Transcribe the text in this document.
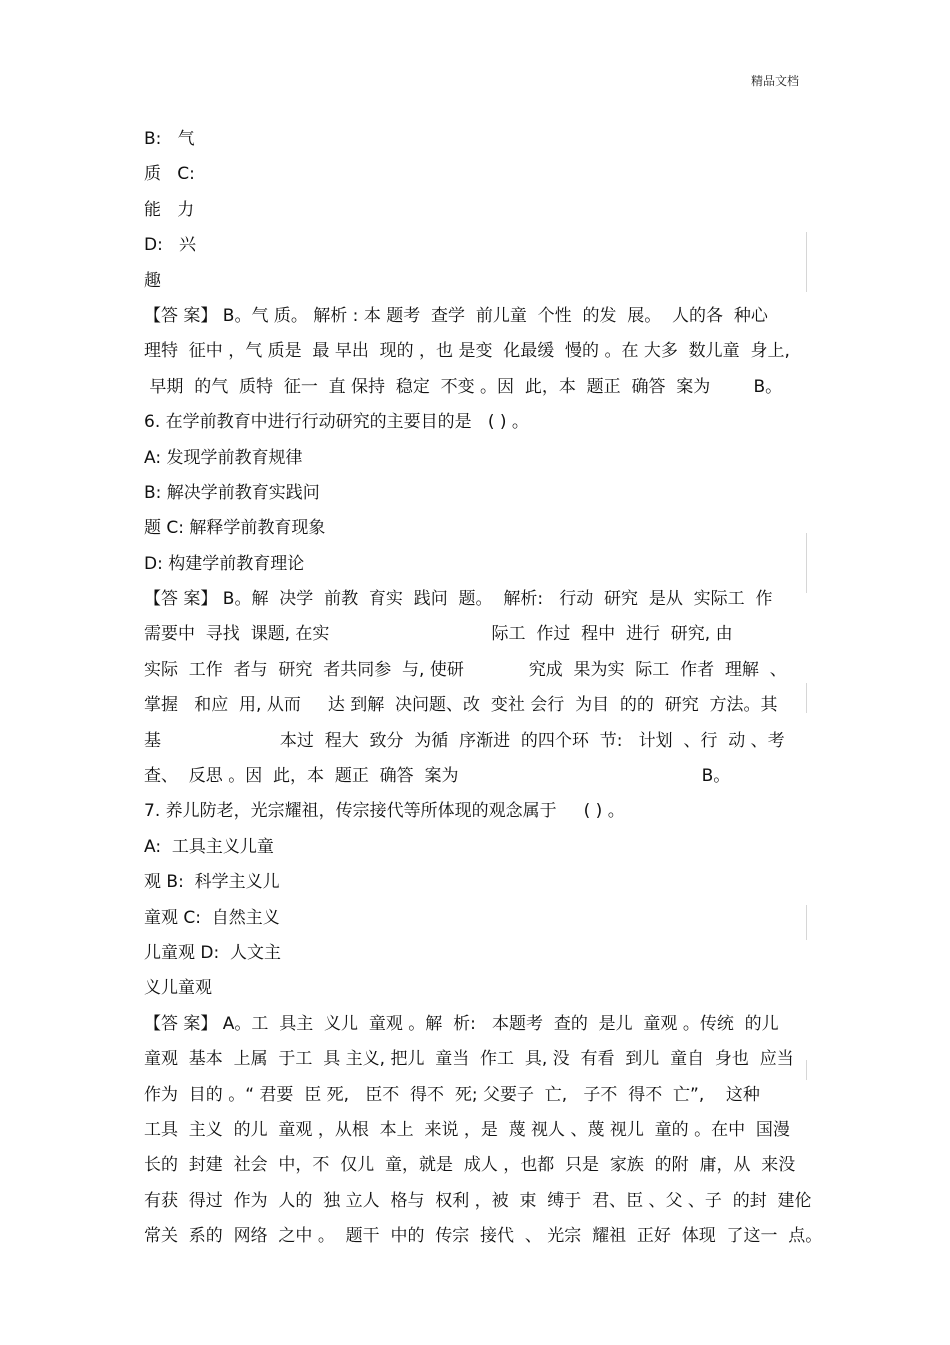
精品文档
B:   气
质   C:
能   力
D:   兴
趣
【答 案】 B。气 质。 解析 : 本 题考  查学  前儿童  个性  的发  展。  人的各  种心
理特  征中 ，气 质是  最 早出  现的 ，也 是变  化最缓  慢的 。在 大多  数儿童  身上,
早期  的气  质特  征一  直 保持  稳定  不变 。因  此，本  题正  确答  案为        B。
6. 在学前教育中进行行动研究的主要目的是   ( ) 。
A: 发现学前教育规律
B: 解决学前教育实践问
题 C: 解释学前教育现象
D: 构建学前教育理论
【答 案】 B。解  决学  前教  育实  践问  题。  解析:   行动  研究  是从  实际工  作
需要中  寻找  课题, 在实                              际工  作过  程中  进行  研究, 由
实际  工作  者与  研究  者共同参  与, 使研            究成  果为实  际工  作者  理解  、
掌握   和应  用, 从而     达 到解  决问题、改  变社 会行  为目  的的  研究  方法。其
基                      本过  程大  致分  为循  序渐进  的四个环  节:   计划  、行  动 、考
查、  反思 。因  此，本  题正  确答  案为                                             B。
7. 养儿防老，光宗耀祖，传宗接代等所体现的观念属于     ( ) 。
A:  工具主义儿童
观 B:  科学主义儿
童观 C:  自然主义
儿童观 D:  人文主
义儿童观
【答 案】 A。工  具主  义儿  童观 。解  析:   本题考  查的  是儿  童观 。传统  的儿
童观  基本  上属  于工  具 主义, 把儿  童当  作工  具, 没  有看  到儿  童自  身也  应当
作为  目的 。“ 君要  臣 死,   臣不  得不  死; 父要子  亡,   子不  得不  亡”,    这种
工具  主义  的儿  童观 ，从根  本上  来说 ，是  蔑 视人 、蔑 视儿  童的 。在中  国漫
长的  封建  社会  中，不  仅儿  童，就是  成人 ，也都  只是  家族  的附  庸，从  来没
有获  得过  作为  人的  独 立人  格与  权利 ，被  束  缚于  君、臣 、父 、子  的封  建伦
常关  系的  网络  之中 。  题干  中的  传宗  接代  、 光宗  耀祖  正好  体现  了这一  点。
